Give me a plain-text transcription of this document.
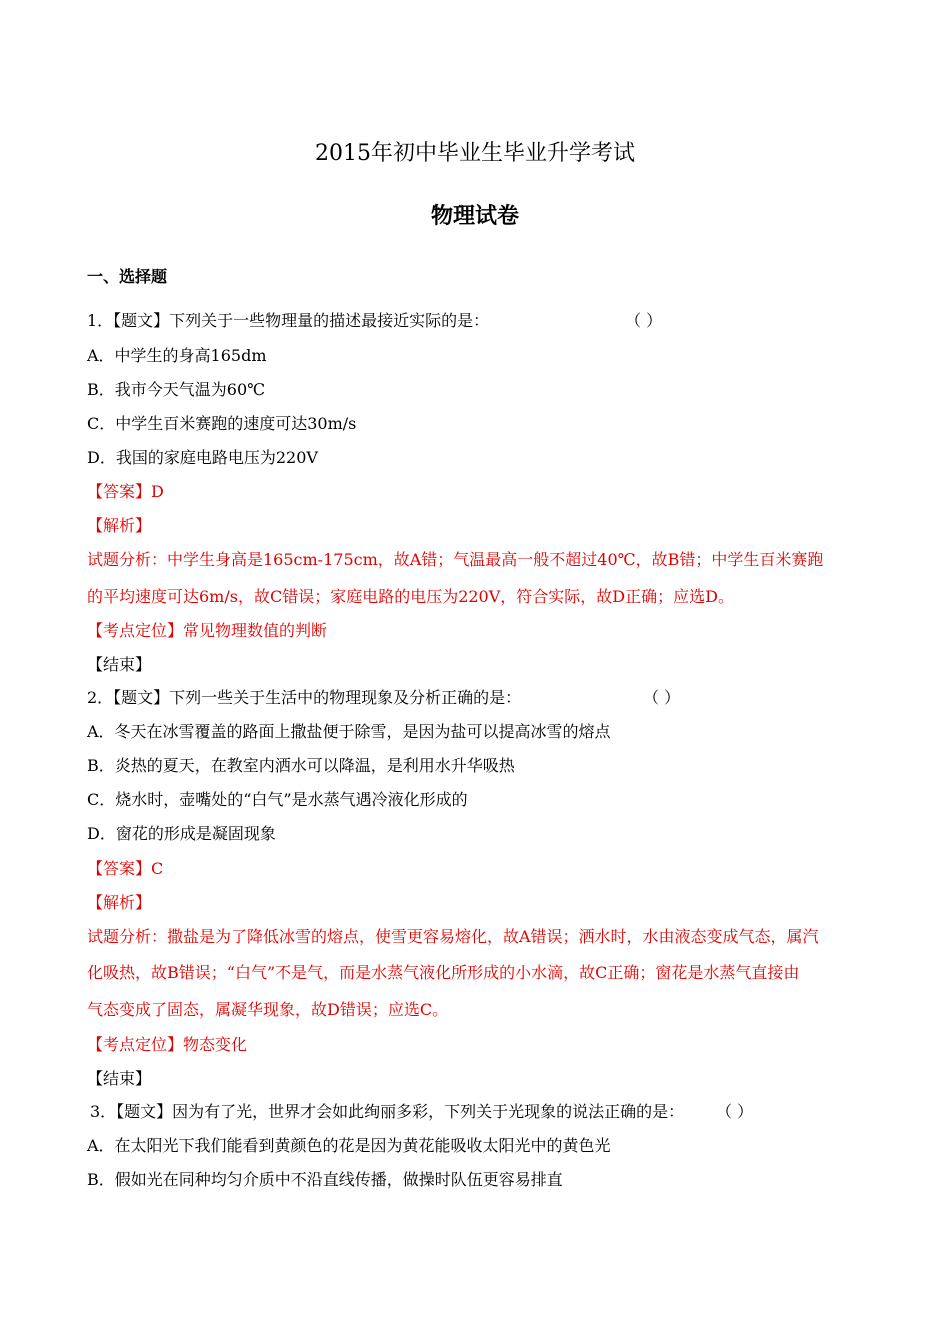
2015年初中毕业生毕业升学考试
物理试卷
一、选择题
1．【题文】下列关于一些物理量的描述最接近实际的是：	（ ）
A．中学生的身高165dm
B．我市今天气温为60℃
C．中学生百米赛跑的速度可达30m/s
D．我国的家庭电路电压为220V
【答案】D
【解析】
试题分析：中学生身高是165cm-175cm，故A错；气温最高一般不超过40℃，故B错；中学生百米赛跑
的平均速度可达6m/s，故C错误；家庭电路的电压为220V，符合实际，故D正确；应选D。
【考点定位】常见物理数值的判断
【结束】
2．【题文】下列一些关于生活中的物理现象及分析正确的是：	（ ）
A．冬天在冰雪覆盖的路面上撒盐便于除雪，是因为盐可以提高冰雪的熔点
B．炎热的夏天，在教室内洒水可以降温，是利用水升华吸热
C．烧水时，壶嘴处的“白气”是水蒸气遇冷液化形成的
D．窗花的形成是凝固现象
【答案】C
【解析】
试题分析：撒盐是为了降低冰雪的熔点，使雪更容易熔化，故A错误；洒水时，水由液态变成气态，属汽
化吸热，故B错误；“白气”不是气，而是水蒸气液化所形成的小水滴，故C正确；窗花是水蒸气直接由
气态变成了固态，属凝华现象，故D错误；应选C。
【考点定位】物态变化
【结束】
3．【题文】因为有了光，世界才会如此绚丽多彩，下列关于光现象的说法正确的是： （ ）
A．在太阳光下我们能看到黄颜色的花是因为黄花能吸收太阳光中的黄色光
B．假如光在同种均匀介质中不沿直线传播，做操时队伍更容易排直
